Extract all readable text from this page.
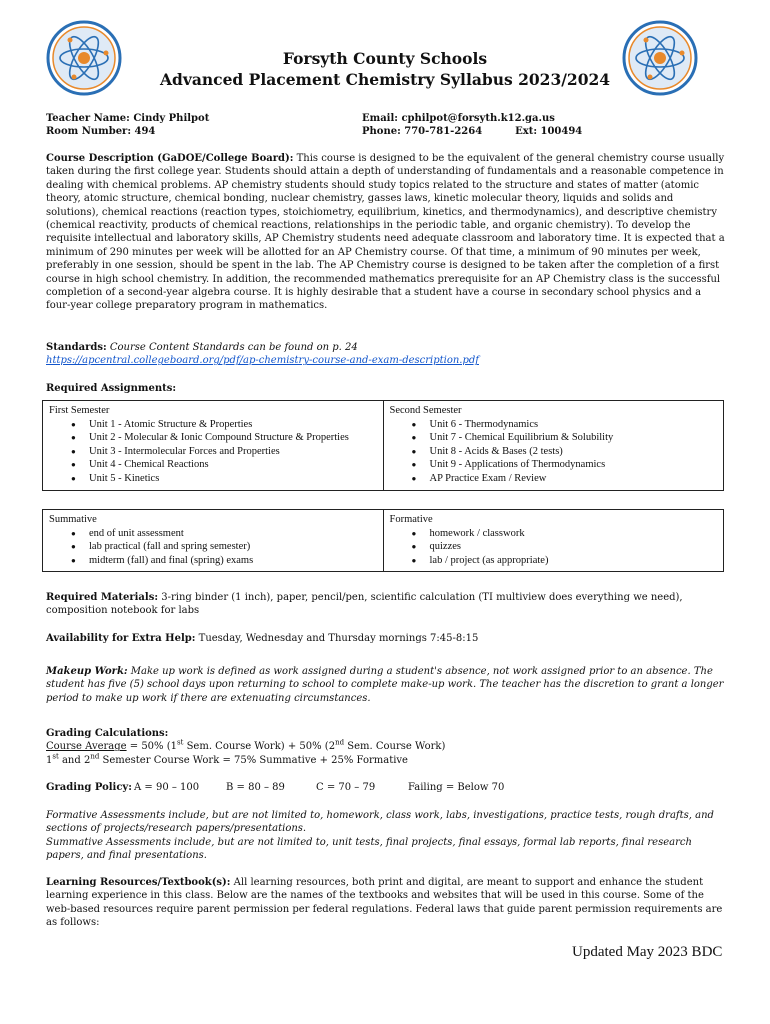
Forsyth County Schools
Advanced Placement Chemistry Syllabus 2023/2024
Teacher Name: Cindy Philpot
Room Number: 494
Email: cphilpot@forsyth.k12.ga.us
Phone: 770-781-2264	Ext: 100494
Course Description (GaDOE/College Board): This course is designed to be the equivalent of the general chemistry course usually taken during the first college year. Students should attain a depth of understanding of fundamentals and a reasonable competence in dealing with chemical problems. AP chemistry students should study topics related to the structure and states of matter (atomic theory, atomic structure, chemical bonding, nuclear chemistry, gasses laws, kinetic molecular theory, liquids and solids and solutions), chemical reactions (reaction types, stoichiometry, equilibrium, kinetics, and thermodynamics), and descriptive chemistry (chemical reactivity, products of chemical reactions, relationships in the periodic table, and organic chemistry). To develop the requisite intellectual and laboratory skills, AP Chemistry students need adequate classroom and laboratory time. It is expected that a minimum of 290 minutes per week will be allotted for an AP Chemistry course. Of that time, a minimum of 90 minutes per week, preferably in one session, should be spent in the lab. The AP Chemistry course is designed to be taken after the completion of a first course in high school chemistry. In addition, the recommended mathematics prerequisite for an AP Chemistry class is the successful completion of a second-year algebra course. It is highly desirable that a student have a course in secondary school physics and a four-year college preparatory program in mathematics.
Standards: Course Content Standards can be found on p. 24
https://apcentral.collegeboard.org/pdf/ap-chemistry-course-and-exam-description.pdf
Required Assignments:
First Semester
● Unit 1 - Atomic Structure & Properties
● Unit 2 - Molecular & Ionic Compound Structure & Properties
● Unit 3 - Intermolecular Forces and Properties
● Unit 4 - Chemical Reactions
● Unit 5 - Kinetics

Second Semester
● Unit 6 - Thermodynamics
● Unit 7 - Chemical Equilibrium & Solubility
● Unit 8 - Acids & Bases (2 tests)
● Unit 9 - Applications of Thermodynamics
● AP Practice Exam / Review
Summative
● end of unit assessment
● lab practical (fall and spring semester)
● midterm (fall) and final (spring) exams

Formative
● homework / classwork
● quizzes
● lab / project (as appropriate)
Required Materials: 3-ring binder (1 inch), paper, pencil/pen, scientific calculation (TI multiview does everything we need), composition notebook for labs
Availability for Extra Help: Tuesday, Wednesday and Thursday mornings 7:45-8:15
Makeup Work: Make up work is defined as work assigned during a student's absence, not work assigned prior to an absence. The student has five (5) school days upon returning to school to complete make-up work. The teacher has the discretion to grant a longer period to make up work if there are extenuating circumstances.
Grading Calculations:
Course Average = 50% (1st Sem. Course Work) + 50% (2nd Sem. Course Work)
1st and 2nd Semester Course Work = 75% Summative + 25% Formative
Grading Policy: A = 90 – 100	B = 80 – 89	C = 70 – 79	Failing = Below 70
Formative Assessments include, but are not limited to, homework, class work, labs, investigations, practice tests, rough drafts, and sections of projects/research papers/presentations.
Summative Assessments include, but are not limited to, unit tests, final projects, final essays, formal lab reports, final research papers, and final presentations.
Learning Resources/Textbook(s): All learning resources, both print and digital, are meant to support and enhance the student learning experience in this class. Below are the names of the textbooks and websites that will be used in this course. Some of the web-based resources require parent permission per federal regulations. Federal laws that guide parent permission requirements are as follows:
Updated May 2023 BDC
